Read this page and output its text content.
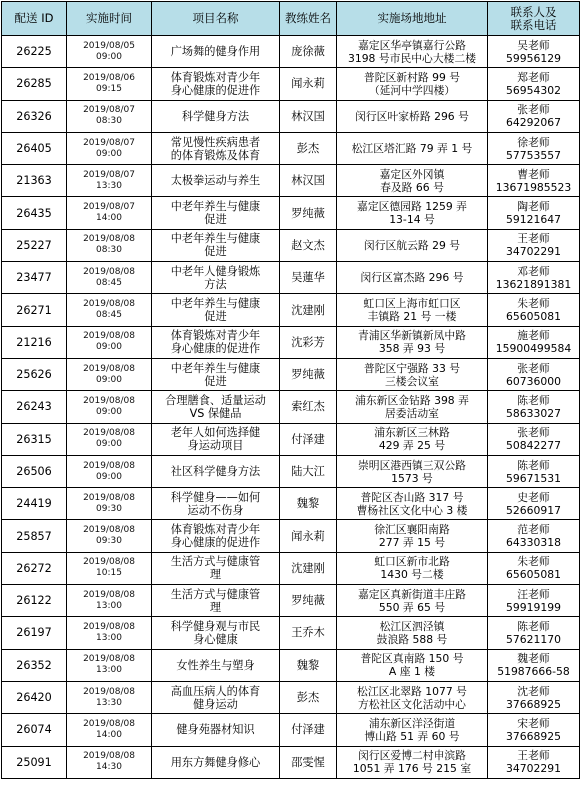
配送 ID	实施时间	项目名称	教练姓名	实施场地地址	联系人及
联系电话
26225	2019/08/05
09:00	广场舞的健身作用	庞徐薇	嘉定区华亭镇嘉行公路
3198 号市民中心大楼二楼	吴老师
59956129
26285	2019/08/06
09:15	体育锻炼对青少年
身心健康的促进作	闻永莉	普陀区新村路 99 号
（延河中学四楼）	郑老师
56954302
26326	2019/08/07
08:30	科学健身方法	林汉国	闵行区叶家桥路 296 号	张老师
64292067
26405	2019/08/07
09:00	常见慢性疾病患者
的体育锻炼及体育	彭杰	松江区塔汇路 79 弄 1 号	徐老师
57753557
21363	2019/08/07
13:30	太极拳运动与养生	林汉国	嘉定区外冈镇
春及路 66 号	曹老师
13671985523
26435	2019/08/07
14:00	中老年养生与健康
促进	罗纯薇	嘉定区德园路 1259 弄
13-14 号	陶老师
59121647
25227	2019/08/08
08:30	中老年养生与健康
促进	赵文杰	闵行区航云路 29 号	王老师
34702291
23477	2019/08/08
08:45	中老年人健身锻炼
方法	吴蓮华	闵行区富杰路 296 号	邓老师
13621891381
26271	2019/08/08
08:45	中老年养生与健康
促进	沈建刚	虹口区上海市虹口区
丰镇路 21 号 一楼	朱老师
65605081
21216	2019/08/08
09:00	体育锻炼对青少年
身心健康的促进作	沈彩芳	青浦区华新镇新凤中路
358 弄 93 号	施老师
15900499584
25626	2019/08/08
09:00	中老年养生与健康
促进	罗纯薇	普陀区宁强路 33 号
三楼会议室	张老师
60736000
26243	2019/08/08
09:00	合理膳食、适量运动
VS 保健品	索红杰	浦东新区金钻路 398 弄
居委活动室	陈老师
58633027
26315	2019/08/08
09:00	老年人如何选择健
身运动项目	付泽建	浦东新区三林路
429 弄 25 号	张老师
50842277
26506	2019/08/08
09:00	社区科学健身方法	陆大江	崇明区港西镇三双公路
1573 号	陈老师
59671531
24419	2019/08/08
09:30	科学健身——如何
运动不伤身	魏黎	普陀区杏山路 317 号
曹杨社区文化中心 3 楼	史老师
52660917
25857	2019/08/08
09:30	体育锻炼对青少年
身心健康的促进作	闻永莉	徐汇区襄阳南路
277 弄 15 号	范老师
64330318
26272	2019/08/08
10:15	生活方式与健康管
理	沈建刚	虹口区新市北路
1430 号二楼	朱老师
65605081
26122	2019/08/08
13:00	生活方式与健康管
理	罗纯薇	嘉定区真新街道丰庄路
550 弄 65 号	汪老师
59919199
26197	2019/08/08
13:00	科学健身观与市民
身心健康	王乔木	松江区泗泾镇
鼓浪路 588 号	陈老师
57621170
26352	2019/08/08
13:00	女性养生与塑身	魏黎	普陀区真南路 150 号
A 座 1 楼	魏老师
51987666-58
26420	2019/08/08
13:30	高血压病人的体育
健身运动	彭杰	松江区北翠路 1077 号
方松社区文化活动中心	沈老师
37668925
26074	2019/08/08
14:00	健身苑器材知识	付泽建	浦东新区洋泾街道
博山路 51 弄 60 号	宋老师
37668925
25091	2019/08/08
14:30	用东方舞健身修心	邵雯惺	闵行区爱博二村申滨路
1051 弄 176 号 215 室	王老师
34702291
